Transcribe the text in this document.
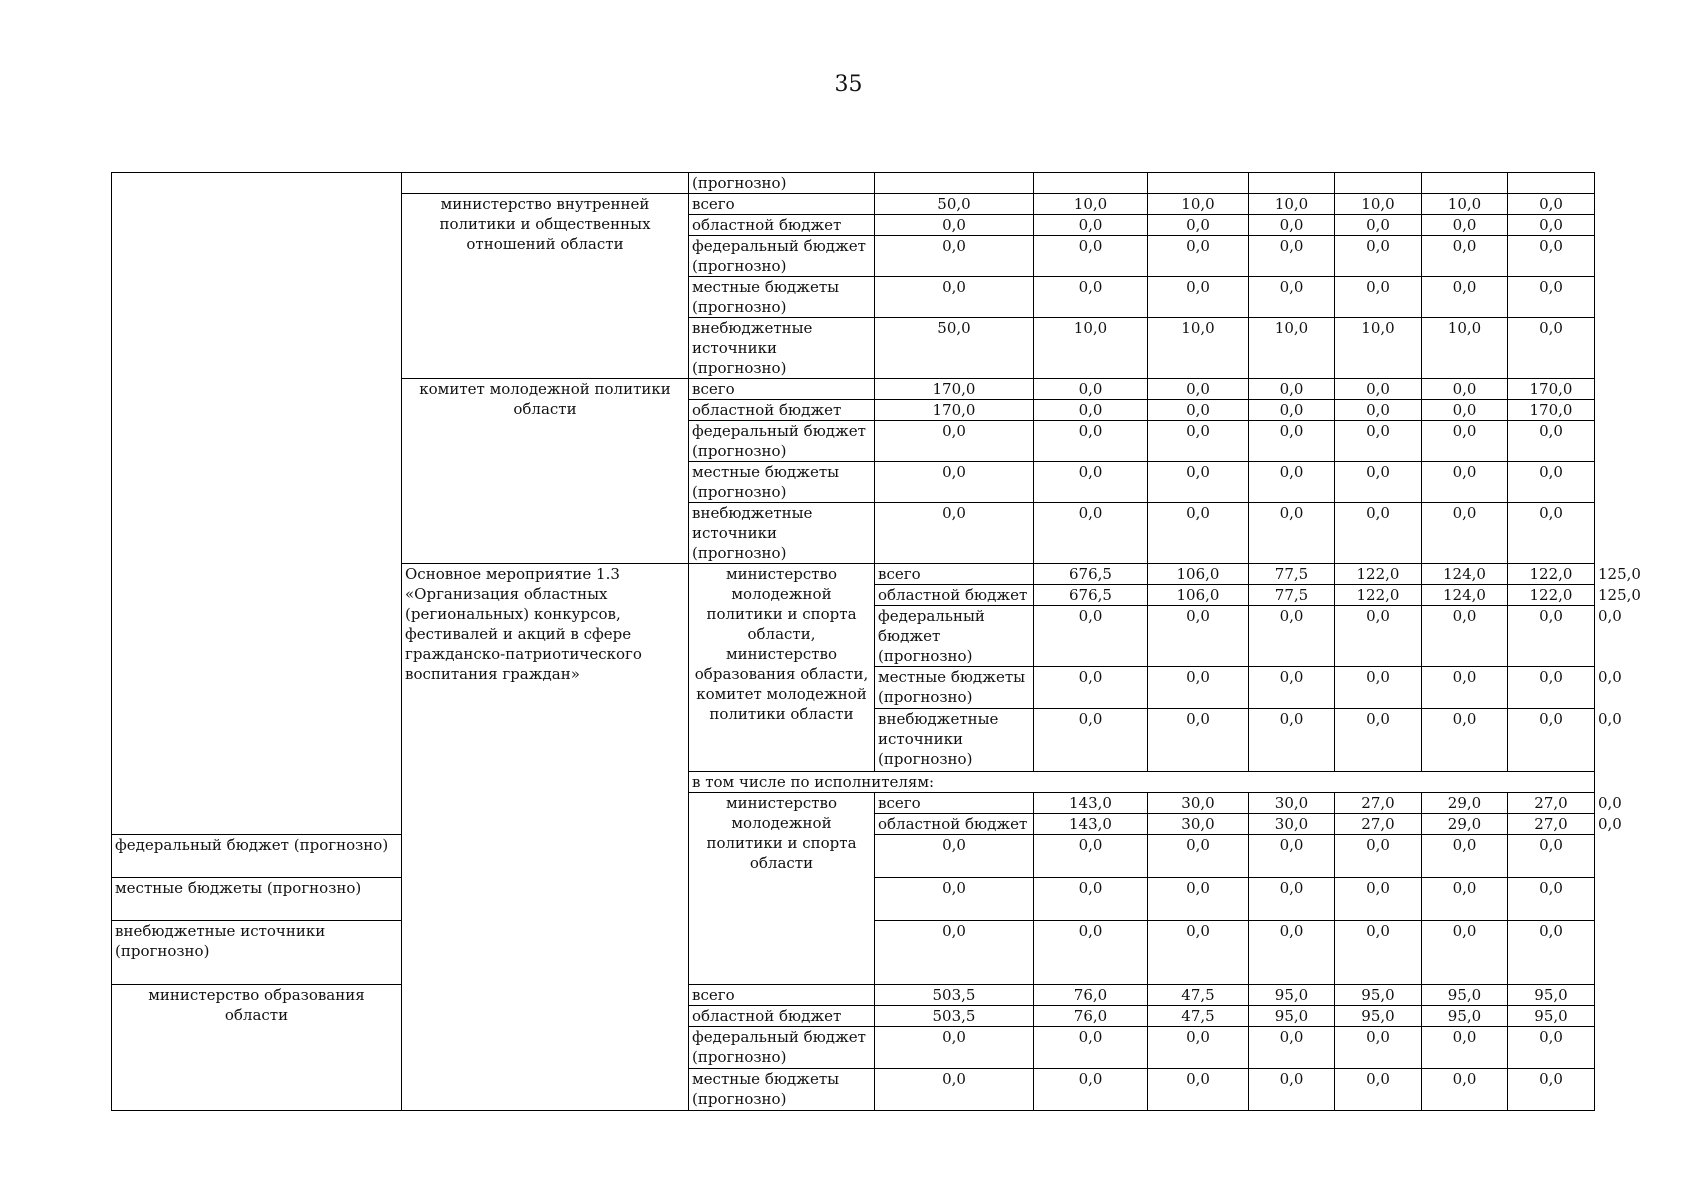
35
		(прогнозно)								
	министерство внутренней политики и общественных отношений области	всего	50,0	10,0	10,0	10,0	10,0	10,0	0,0	
		областной бюджет	0,0	0,0	0,0	0,0	0,0	0,0	0,0	
		федеральный бюджет (прогнозно)	0,0	0,0	0,0	0,0	0,0	0,0	0,0	
		местные бюджеты (прогнозно)	0,0	0,0	0,0	0,0	0,0	0,0	0,0	
		внебюджетные источники (прогнозно)	50,0	10,0	10,0	10,0	10,0	10,0	0,0	
	комитет молодежной политики области	всего	170,0	0,0	0,0	0,0	0,0	0,0	170,0	
		областной бюджет	170,0	0,0	0,0	0,0	0,0	0,0	170,0	
		федеральный бюджет (прогнозно)	0,0	0,0	0,0	0,0	0,0	0,0	0,0	
		местные бюджеты (прогнозно)	0,0	0,0	0,0	0,0	0,0	0,0	0,0	
		внебюджетные источники (прогнозно)	0,0	0,0	0,0	0,0	0,0	0,0	0,0	
	Основное мероприятие 1.3 «Организация областных (региональных) конкурсов, фестивалей и акций в сфере гражданско-патриотического воспитания граждан»	министерство молодежной политики и спорта области, министерство образования области, комитет молодежной политики области	всего	676,5	106,0	77,5	122,0	124,0	122,0	125,0
			областной бюджет	676,5	106,0	77,5	122,0	124,0	122,0	125,0
			федеральный бюджет (прогнозно)	0,0	0,0	0,0	0,0	0,0	0,0	0,0
			местные бюджеты (прогнозно)	0,0	0,0	0,0	0,0	0,0	0,0	0,0
			внебюджетные источники (прогнозно)	0,0	0,0	0,0	0,0	0,0	0,0	0,0
		в том числе по исполнителям:								
		министерство молодежной политики и спорта области	всего	143,0	30,0	30,0	27,0	29,0	27,0	0,0
			областной бюджет	143,0	30,0	30,0	27,0	29,0	27,0	0,0
федеральный бюджет (прогнозно)			0,0	0,0	0,0	0,0	0,0	0,0	0,0	
местные бюджеты (прогнозно)			0,0	0,0	0,0	0,0	0,0	0,0	0,0	
внебюджетные источники (прогнозно)			0,0	0,0	0,0	0,0	0,0	0,0	0,0	
министерство образования области		всего	503,5	76,0	47,5	95,0	95,0	95,0	95,0	
		областной бюджет	503,5	76,0	47,5	95,0	95,0	95,0	95,0	
		федеральный бюджет (прогнозно)	0,0	0,0	0,0	0,0	0,0	0,0	0,0	
		местные бюджеты (прогнозно)	0,0	0,0	0,0	0,0	0,0	0,0	0,0	
